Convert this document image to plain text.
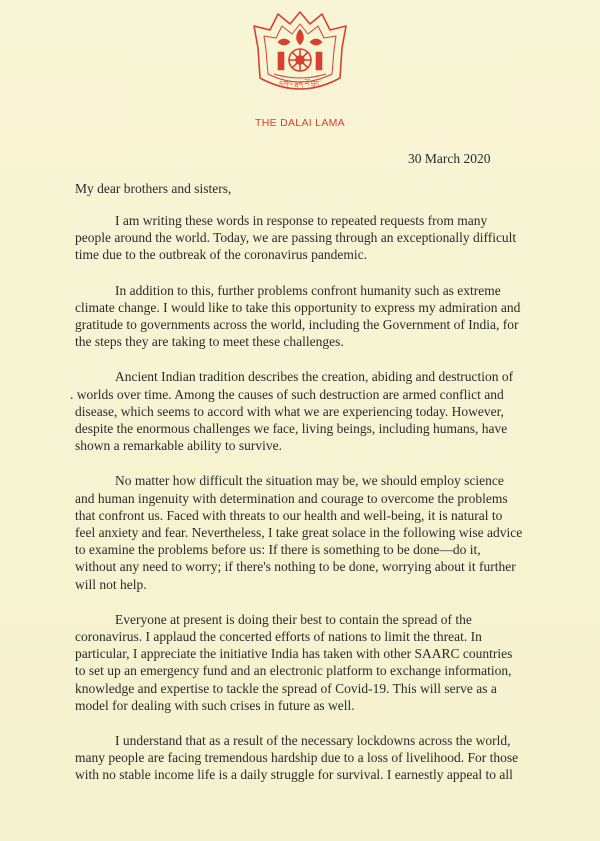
དགའ་ལྡན་ཕོ་བྲང་
THE DALAI LAMA
30 March 2020
My dear brothers and sisters,

I am writing these words in response to repeated requests from many
people around the world. Today, we are passing through an exceptionally difficult
time due to the outbreak of the coronavirus pandemic.

In addition to this, further problems confront humanity such as extreme
climate change. I would like to take this opportunity to express my admiration and
gratitude to governments across the world, including the Government of India, for
the steps they are taking to meet these challenges.

Ancient Indian tradition describes the creation, abiding and destruction of
. worlds over time. Among the causes of such destruction are armed conflict and
disease, which seems to accord with what we are experiencing today. However,
despite the enormous challenges we face, living beings, including humans, have
shown a remarkable ability to survive.

No matter how difficult the situation may be, we should employ science
and human ingenuity with determination and courage to overcome the problems
that confront us. Faced with threats to our health and well-being, it is natural to
feel anxiety and fear. Nevertheless, I take great solace in the following wise advice
to examine the problems before us: If there is something to be done—do it,
without any need to worry; if there's nothing to be done, worrying about it further
will not help.

Everyone at present is doing their best to contain the spread of the
coronavirus. I applaud the concerted efforts of nations to limit the threat. In
particular, I appreciate the initiative India has taken with other SAARC countries
to set up an emergency fund and an electronic platform to exchange information,
knowledge and expertise to tackle the spread of Covid-19. This will serve as a
model for dealing with such crises in future as well.

I understand that as a result of the necessary lockdowns across the world,
many people are facing tremendous hardship due to a loss of livelihood. For those
with no stable income life is a daily struggle for survival. I earnestly appeal to all
